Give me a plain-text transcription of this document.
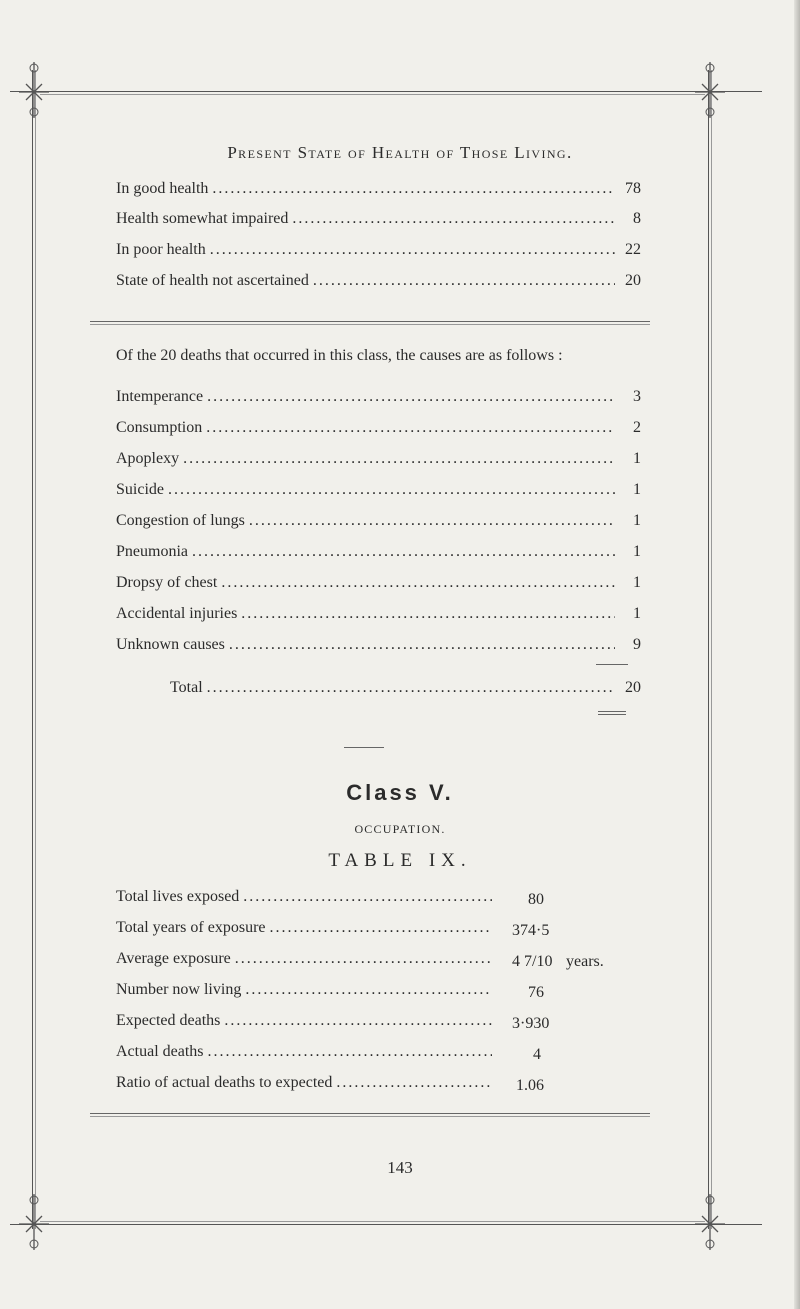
Present State of Health of Those Living.
In good health .....	78
Health somewhat impaired .....	8
In poor health .....	22
State of health not ascertained .....	20
Of the 20 deaths that occurred in this class, the causes are as follows :
Intemperance .....	3
Consumption .....	2
Apoplexy .....	1
Suicide .....	1
Congestion of lungs .....	1
Pneumonia .....	1
Dropsy of chest .....	1
Accidental injuries .....	1
Unknown causes .....	9
Total .....	20
Class V.
OCCUPATION.
TABLE IX.
Total lives exposed .....	80
Total years of exposure .....	374·5
Average exposure .....	4 7/10 years.
Number now living .....	76
Expected deaths .....	3·930
Actual deaths .....	4
Ratio of actual deaths to expected .....	1.06
143
